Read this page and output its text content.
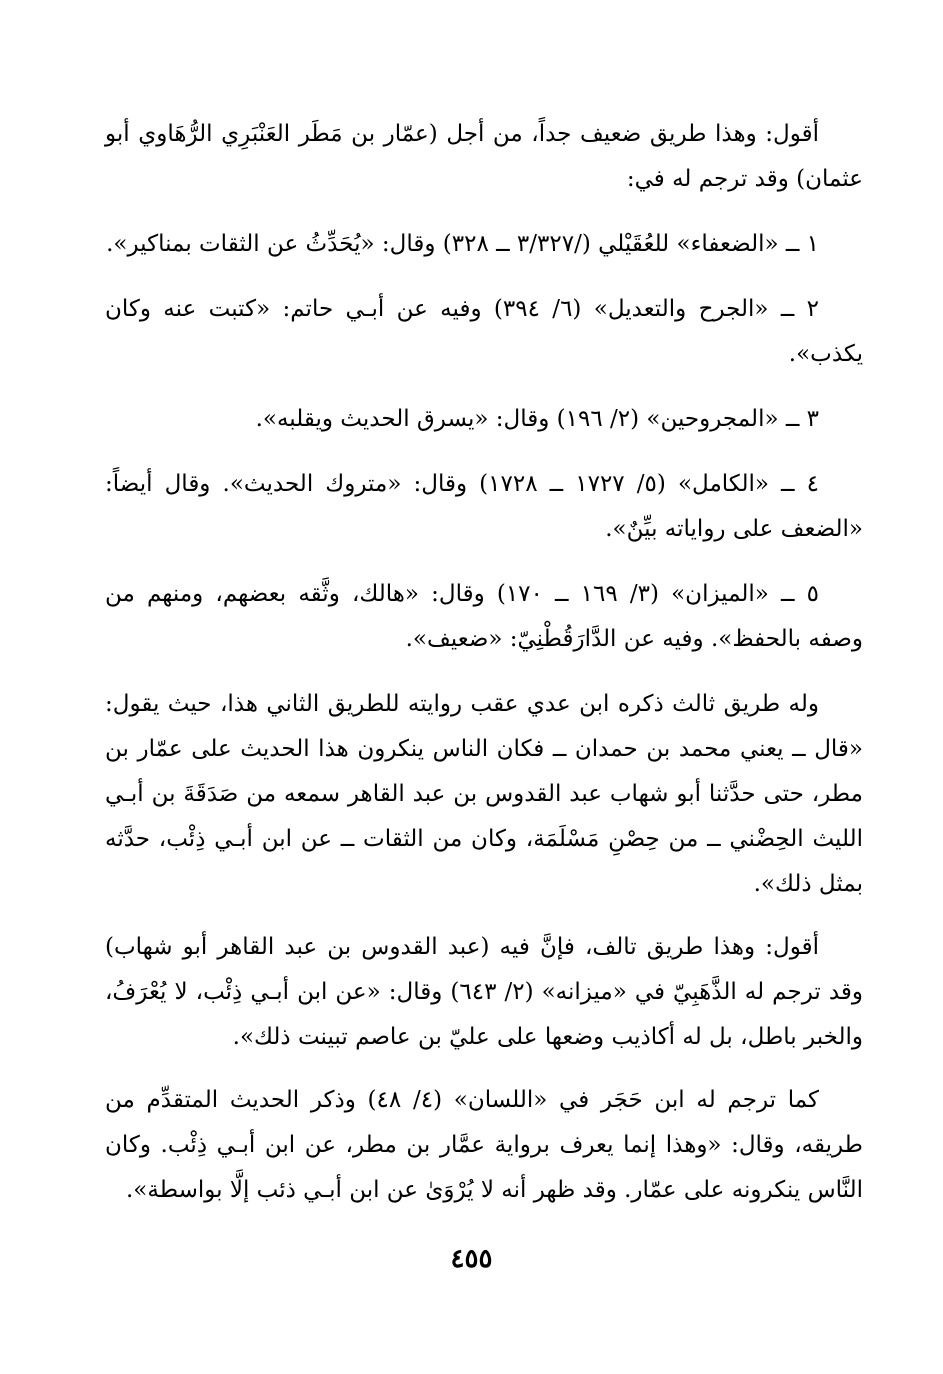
أقول: وهذا طريق ضعيف جداً، من أجل (عمّار بن مَطَر العَنْبَرِي الرُّهَاوي أبو عثمان) وقد ترجم له في:

١ ــ «الضعفاء» للعُقَيْلي (/٣/٣٢٧ ــ ٣٢٨) وقال: «يُحَدِّثُ عن الثقات بمناكير».

٢ ــ «الجرح والتعديل» (٦/ ٣٩٤) وفيه عن أبـي حاتم: «كتبت عنه وكان يكذب».

٣ ــ «المجروحين» (٢/ ١٩٦) وقال: «يسرق الحديث ويقلبه».

٤ ــ «الكامل» (٥/ ١٧٢٧ ــ ١٧٢٨) وقال: «متروك الحديث». وقال أيضاً: «الضعف على رواياته بيِّنٌ».

٥ ــ «الميزان» (٣/ ١٦٩ ــ ١٧٠) وقال: «هالك، وثَّقه بعضهم، ومنهم من وصفه بالحفظ». وفيه عن الدَّارَقُطْنِيّ: «ضعيف».

وله طريق ثالث ذكره ابن عدي عقب روايته للطريق الثاني هذا، حيث يقول: «قال ــ يعني محمد بن حمدان ــ فكان الناس ينكرون هذا الحديث على عمّار بن مطر، حتى حدَّثنا أبو شهاب عبد القدوس بن عبد القاهر سمعه من صَدَقَةَ بن أبـي الليث الحِضْني ــ من حِصْنِ مَسْلَمَة، وكان من الثقات ــ عن ابن أبـي ذِئْب، حدَّثه بمثل ذلك».

أقول: وهذا طريق تالف، فإنَّ فيه (عبد القدوس بن عبد القاهر أبو شهاب) وقد ترجم له الذَّهَبِيّ في «ميزانه» (٢/ ٦٤٣) وقال: «عن ابن أبـي ذِئْب، لا يُعْرَفُ، والخبر باطل، بل له أكاذيب وضعها على عليّ بن عاصم تبينت ذلك».

كما ترجم له ابن حَجَر في «اللسان» (٤/ ٤٨) وذكر الحديث المتقدِّم من طريقه، وقال: «وهذا إنما يعرف برواية عمَّار بن مطر، عن ابن أبـي ذِئْب. وكان النَّاس ينكرونه على عمّار. وقد ظهر أنه لا يُرْوَىٰ عن ابن أبـي ذئب إلَّا بواسطة».

٤٥٥
